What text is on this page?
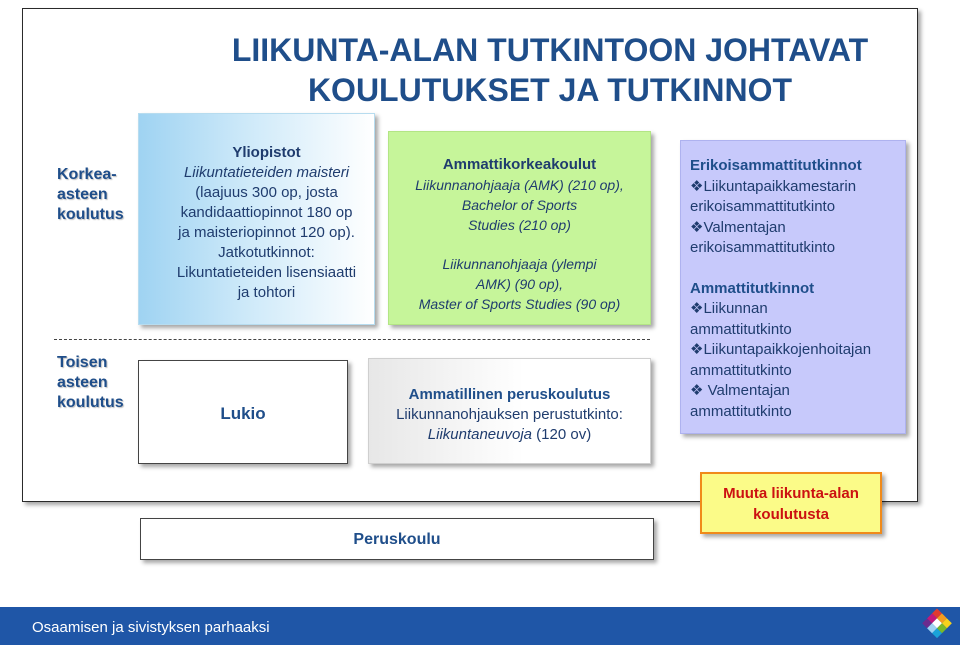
LIIKUNTA-ALAN TUTKINTOON JOHTAVAT
KOULUTUKSET JA TUTKINNOT
Korkea-
asteen
koulutus
Toisen
asteen
koulutus
Yliopistot
Liikuntatieteiden maisteri
(laajuus 300 op, josta
kandidaattiopinnot 180 op
ja maisteriopinnot 120 op).
Jatkotutkinnot:
Likuntatieteiden lisensiaatti
ja tohtori
Ammattikorkeakoulut
Liikunnanohjaaja (AMK) (210 op),
Bachelor of Sports
Studies (210 op)
Liikunnanohjaaja (ylempi
AMK) (90 op),
Master of Sports Studies (90 op)
Lukio
Ammatillinen peruskoulutus
Liikunnanohjauksen perustutkinto:
Liikuntaneuvoja (120 ov)
Erikoisammattitutkinnot
❖Liikuntapaikkamestarin
erikoisammattitutkinto
❖Valmentajan
erikoisammattitutkinto
Ammattitutkinnot
❖Liikunnan
ammattitutkinto
❖Liikuntapaikkojenhoitajan
ammattitutkinto
❖ Valmentajan
ammattitutkinto
Muuta liikunta-alan
koulutusta
Peruskoulu
Osaamisen ja sivistyksen parhaaksi
